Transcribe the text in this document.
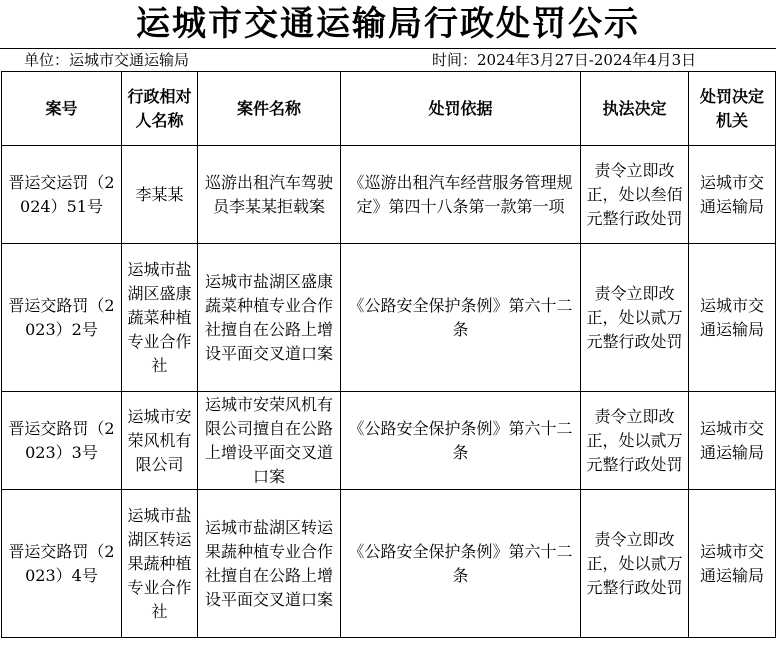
运城市交通运输局行政处罚公示
单位：运城市交通运输局	时间：2024年3月27日-2024年4月3日
案号	行政相对人名称	案件名称	处罚依据	执法决定	处罚决定机关
晋运交运罚（2024）51号	李某某	巡游出租汽车驾驶员李某某拒载案	《巡游出租汽车经营服务管理规定》第四十八条第一款第一项	责令立即改正，处以叁佰元整行政处罚	运城市交通运输局
晋运交路罚（2023）2号	运城市盐湖区盛康蔬菜种植专业合作社	运城市盐湖区盛康蔬菜种植专业合作社擅自在公路上增设平面交叉道口案	《公路安全保护条例》第六十二条	责令立即改正，处以贰万元整行政处罚	运城市交通运输局
晋运交路罚（2023）3号	运城市安荣风机有限公司	运城市安荣风机有限公司擅自在公路上增设平面交叉道口案	《公路安全保护条例》第六十二条	责令立即改正，处以贰万元整行政处罚	运城市交通运输局
晋运交路罚（2023）4号	运城市盐湖区转运果蔬种植专业合作社	运城市盐湖区转运果蔬种植专业合作社擅自在公路上增设平面交叉道口案	《公路安全保护条例》第六十二条	责令立即改正，处以贰万元整行政处罚	运城市交通运输局
